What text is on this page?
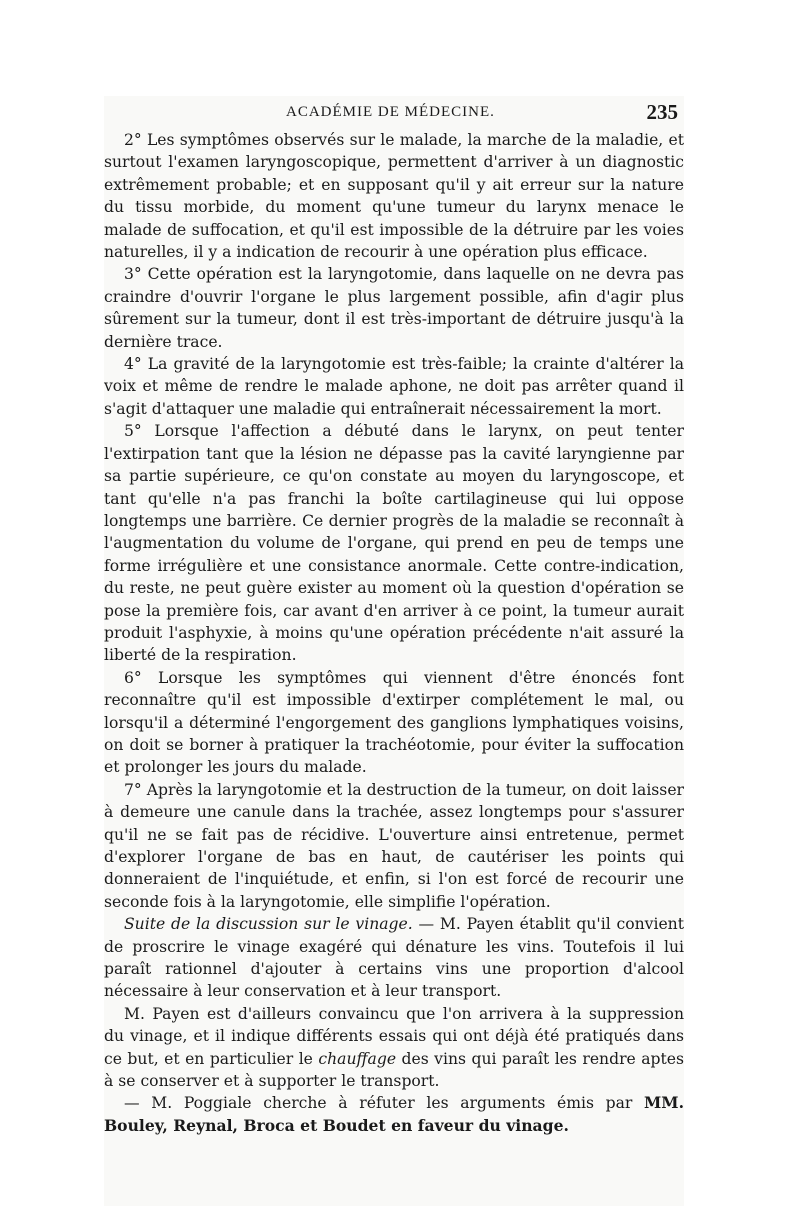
ACADÉMIE DE MÉDECINE.	235

2° Les symptômes observés sur le malade, la marche de la maladie, et surtout l'examen laryngoscopique, permettent d'arriver à un diagnostic extrêmement probable; et en supposant qu'il y ait erreur sur la nature du tissu morbide, du moment qu'une tumeur du larynx menace le malade de suffocation, et qu'il est impossible de la détruire par les voies naturelles, il y a indication de recourir à une opération plus efficace.

3° Cette opération est la laryngotomie, dans laquelle on ne devra pas craindre d'ouvrir l'organe le plus largement possible, afin d'agir plus sûrement sur la tumeur, dont il est très-important de détruire jusqu'à la dernière trace.

4° La gravité de la laryngotomie est très-faible; la crainte d'altérer la voix et même de rendre le malade aphone, ne doit pas arrêter quand il s'agit d'attaquer une maladie qui entraînerait nécessairement la mort.

5° Lorsque l'affection a débuté dans le larynx, on peut tenter l'extirpation tant que la lésion ne dépasse pas la cavité laryngienne par sa partie supérieure, ce qu'on constate au moyen du laryngoscope, et tant qu'elle n'a pas franchi la boîte cartilagineuse qui lui oppose longtemps une barrière. Ce dernier progrès de la maladie se reconnaît à l'augmentation du volume de l'organe, qui prend en peu de temps une forme irrégulière et une consistance anormale. Cette contre-indication, du reste, ne peut guère exister au moment où la question d'opération se pose la première fois, car avant d'en arriver à ce point, la tumeur aurait produit l'asphyxie, à moins qu'une opération précédente n'ait assuré la liberté de la respiration.

6° Lorsque les symptômes qui viennent d'être énoncés font reconnaître qu'il est impossible d'extirper complétement le mal, ou lorsqu'il a déterminé l'engorgement des ganglions lymphatiques voisins, on doit se borner à pratiquer la trachéotomie, pour éviter la suffocation et prolonger les jours du malade.

7° Après la laryngotomie et la destruction de la tumeur, on doit laisser à demeure une canule dans la trachée, assez longtemps pour s'assurer qu'il ne se fait pas de récidive. L'ouverture ainsi entretenue, permet d'explorer l'organe de bas en haut, de cautériser les points qui donneraient de l'inquiétude, et enfin, si l'on est forcé de recourir une seconde fois à la laryngotomie, elle simplifie l'opération.

Suite de la discussion sur le vinage. — M. Payen établit qu'il convient de proscrire le vinage exagéré qui dénature les vins. Toutefois il lui paraît rationnel d'ajouter à certains vins une proportion d'alcool nécessaire à leur conservation et à leur transport.

M. Payen est d'ailleurs convaincu que l'on arrivera à la suppression du vinage, et il indique différents essais qui ont déjà été pratiqués dans ce but, et en particulier le chauffage des vins qui paraît les rendre aptes à se conserver et à supporter le transport.

— M. Poggiale cherche à réfuter les arguments émis par MM. Bouley, Reynal, Broca et Boudet en faveur du vinage.
